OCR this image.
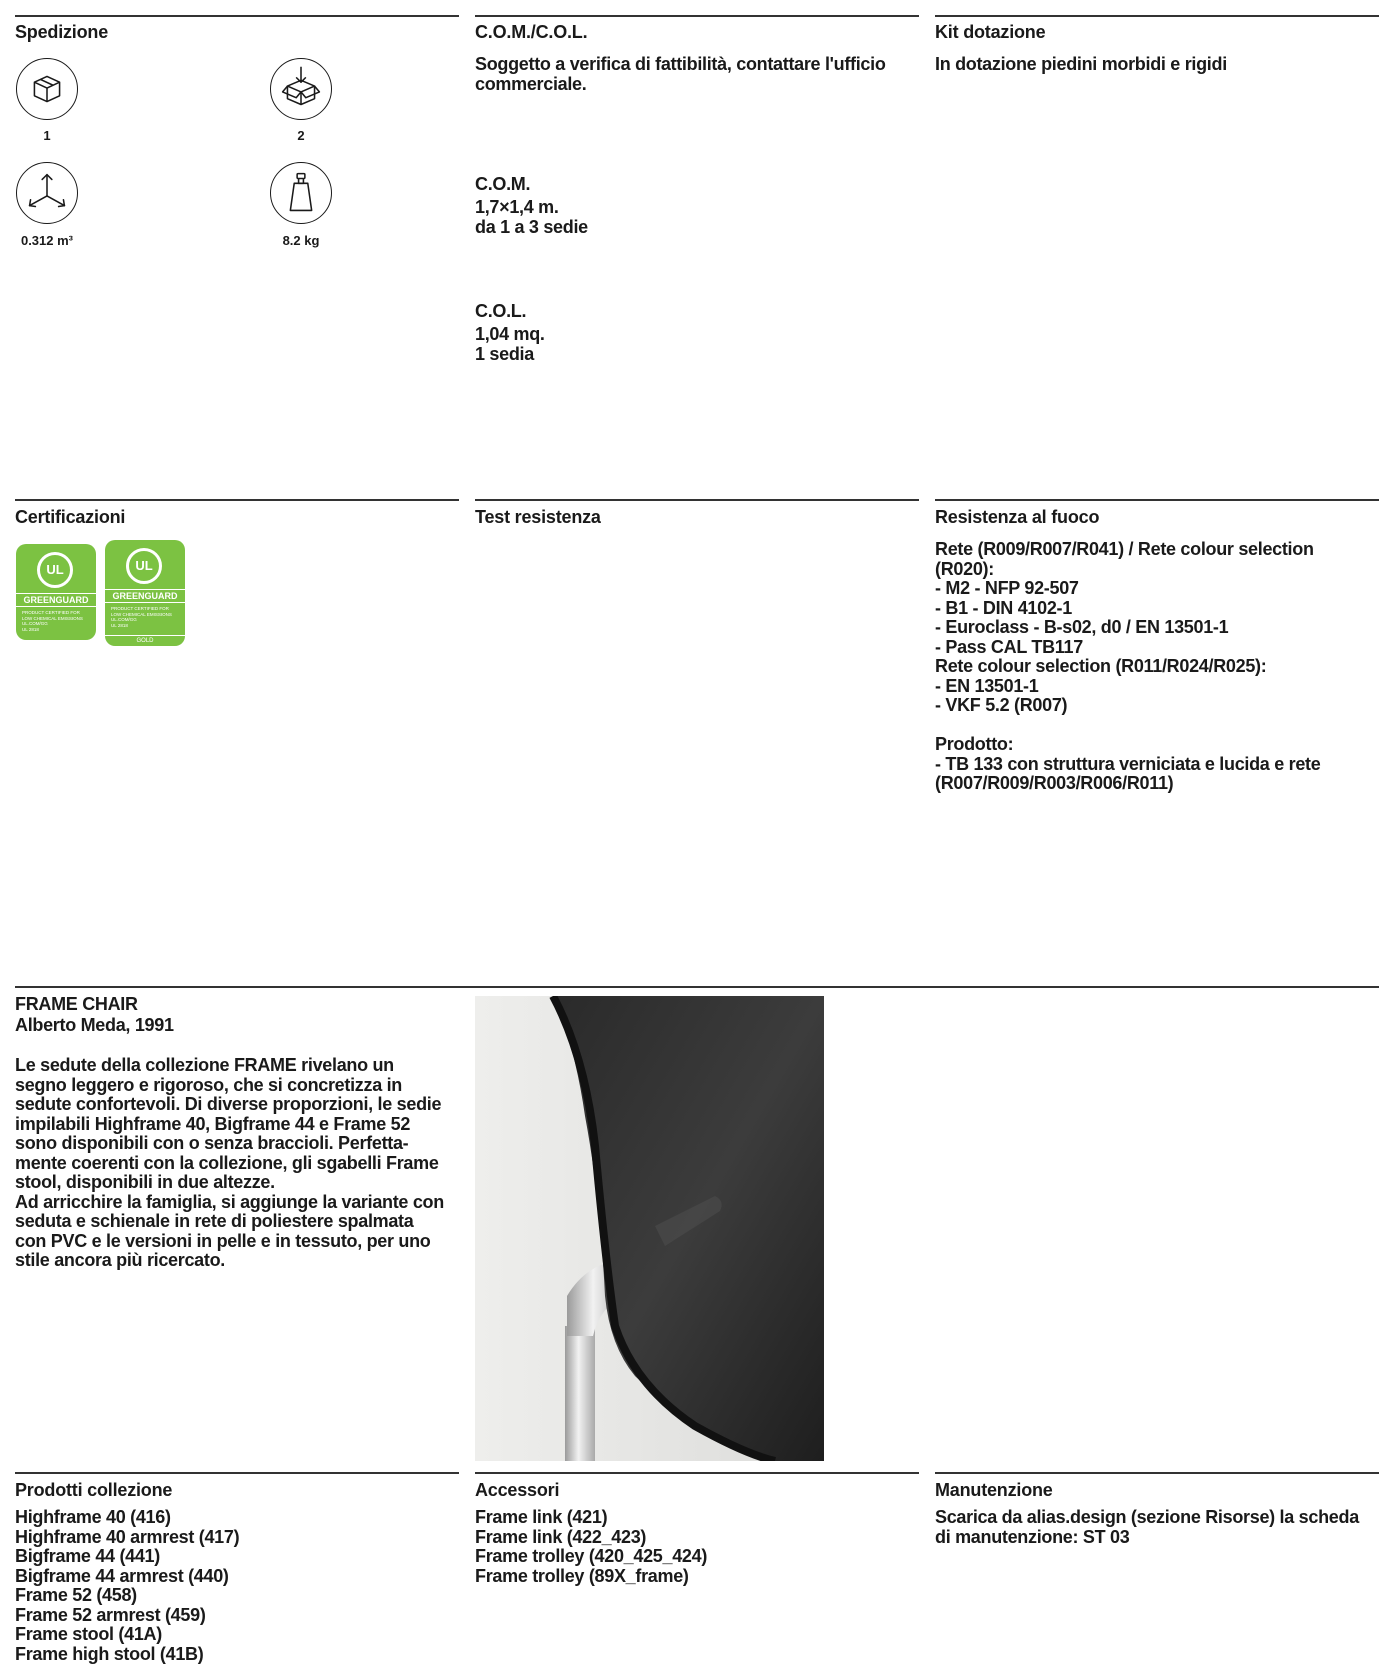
Spedizione
1	2
0.312 m³	8.2 kg
C.O.M./C.O.L.
Soggetto a verifica di fattibilità, contattare l'ufficio
commerciale.
C.O.M.
1,7×1,4 m.
da 1 a 3 sedie
C.O.L.
1,04 mq.
1 sedia
Kit dotazione
In dotazione piedini morbidi e rigidi
Certificazioni
UL
GREENGUARD
PRODUCT CERTIFIED FOR
LOW CHEMICAL EMISSIONS
UL.COM/GG
UL 2818
UL
GREENGUARD
PRODUCT CERTIFIED FOR
LOW CHEMICAL EMISSIONS
UL.COM/GG
UL 2818
GOLD
Test resistenza	Resistenza al fuoco
Rete (R009/R007/R041) / Rete colour selection
(R020):
- M2 - NFP 92-507
- B1 - DIN 4102-1
- Euroclass - B-s02, d0 / EN 13501-1
- Pass CAL TB117
Rete colour selection (R011/R024/R025):
- EN 13501-1
- VKF 5.2 (R007)

Prodotto:
- TB 133 con struttura verniciata e lucida e rete
(R007/R009/R003/R006/R011)
FRAME CHAIR
Alberto Meda, 1991
Le sedute della collezione FRAME rivelano un
segno leggero e rigoroso, che si concretizza in
sedute confortevoli. Di diverse proporzioni, le sedie
impilabili Highframe 40, Bigframe 44 e Frame 52
sono disponibili con o senza braccioli. Perfetta-
mente coerenti con la collezione, gli sgabelli Frame
stool, disponibili in due altezze.
Ad arricchire la famiglia, si aggiunge la variante con
seduta e schienale in rete di poliestere spalmata
con PVC e le versioni in pelle e in tessuto, per uno
stile ancora più ricercato.
Prodotti collezione
Highframe 40 (416)
Highframe 40 armrest (417)
Bigframe 44 (441)
Bigframe 44 armrest (440)
Frame 52 (458)
Frame 52 armrest (459)
Frame stool (41A)
Frame high stool (41B)
Accessori
Frame link (421)
Frame link (422_423)
Frame trolley (420_425_424)
Frame trolley (89X_frame)
Manutenzione
Scarica da alias.design (sezione Risorse) la scheda
di manutenzione: ST 03
